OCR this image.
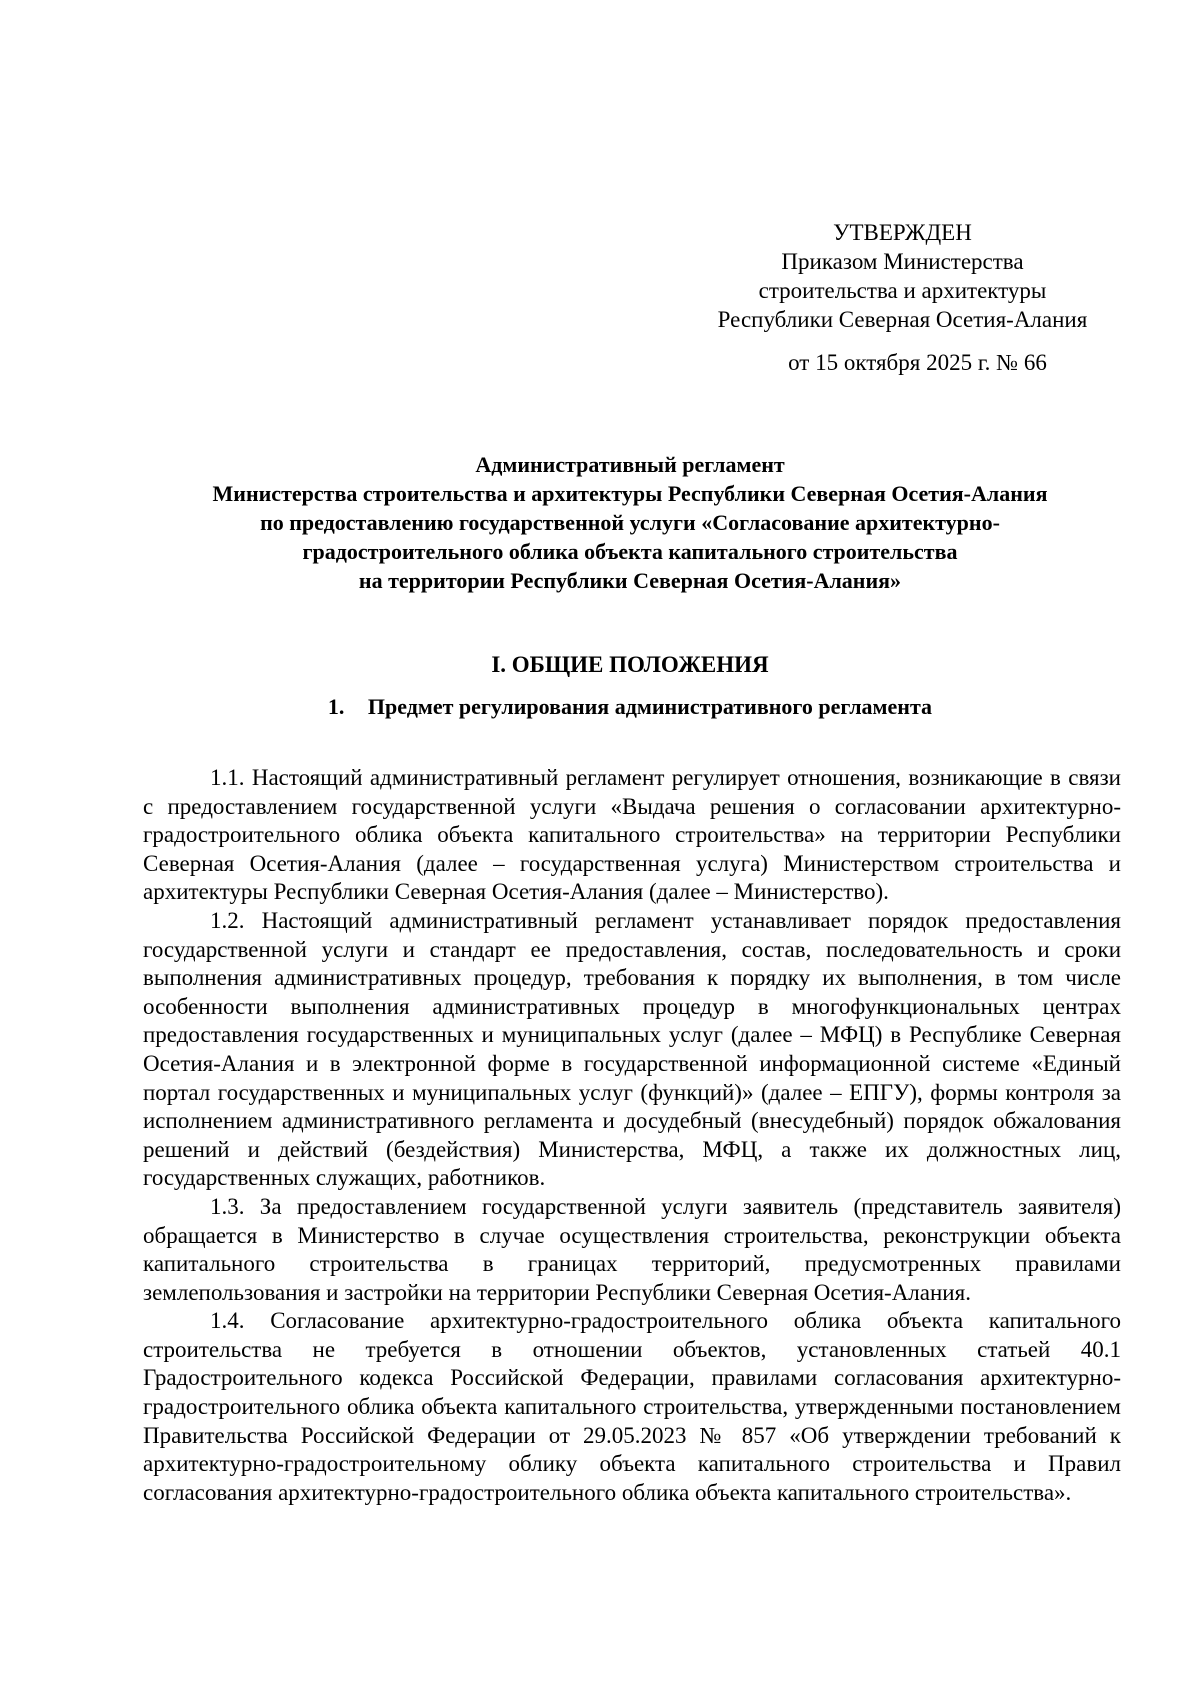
УТВЕРЖДЕН
Приказом Министерства
строительства и архитектуры
Республики Северная Осетия-Алания
от 15 октября 2025 г. № 66
Административный регламент
Министерства строительства и архитектуры Республики Северная Осетия-Алания
по предоставлению государственной услуги «Согласование архитектурно-
градостроительного облика объекта капитального строительства
на территории Республики Северная Осетия-Алания»
I. ОБЩИЕ ПОЛОЖЕНИЯ
1. Предмет регулирования административного регламента

1.1. Настоящий административный регламент регулирует отношения, возникающие в связи с предоставлением государственной услуги «Выдача решения о согласовании архитектурно-градостроительного облика объекта капитального строительства» на территории Республики Северная Осетия-Алания (далее – государственная услуга) Министерством строительства и архитектуры Республики Северная Осетия-Алания (далее – Министерство).

1.2. Настоящий административный регламент устанавливает порядок предоставления государственной услуги и стандарт ее предоставления, состав, последовательность и сроки выполнения административных процедур, требования к порядку их выполнения, в том числе особенности выполнения административных процедур в многофункциональных центрах предоставления государственных и муниципальных услуг (далее – МФЦ) в Республике Северная Осетия-Алания и в электронной форме в государственной информационной системе «Единый портал государственных и муниципальных услуг (функций)» (далее – ЕПГУ), формы контроля за исполнением административного регламента и досудебный (внесудебный) порядок обжалования решений и действий (бездействия) Министерства, МФЦ, а также их должностных лиц, государственных служащих, работников.

1.3. За предоставлением государственной услуги заявитель (представитель заявителя) обращается в Министерство в случае осуществления строительства, реконструкции объекта капитального строительства в границах территорий, предусмотренных правилами землепользования и застройки на территории Республики Северная Осетия-Алания.

1.4. Согласование архитектурно-градостроительного облика объекта капитального строительства не требуется в отношении объектов, установленных статьей 40.1 Градостроительного кодекса Российской Федерации, правилами согласования архитектурно-градостроительного облика объекта капитального строительства, утвержденными постановлением Правительства Российской Федерации от 29.05.2023 № 857 «Об утверждении требований к архитектурно-градостроительному облику объекта капитального строительства и Правил согласования архитектурно-градостроительного облика объекта капитального строительства».
